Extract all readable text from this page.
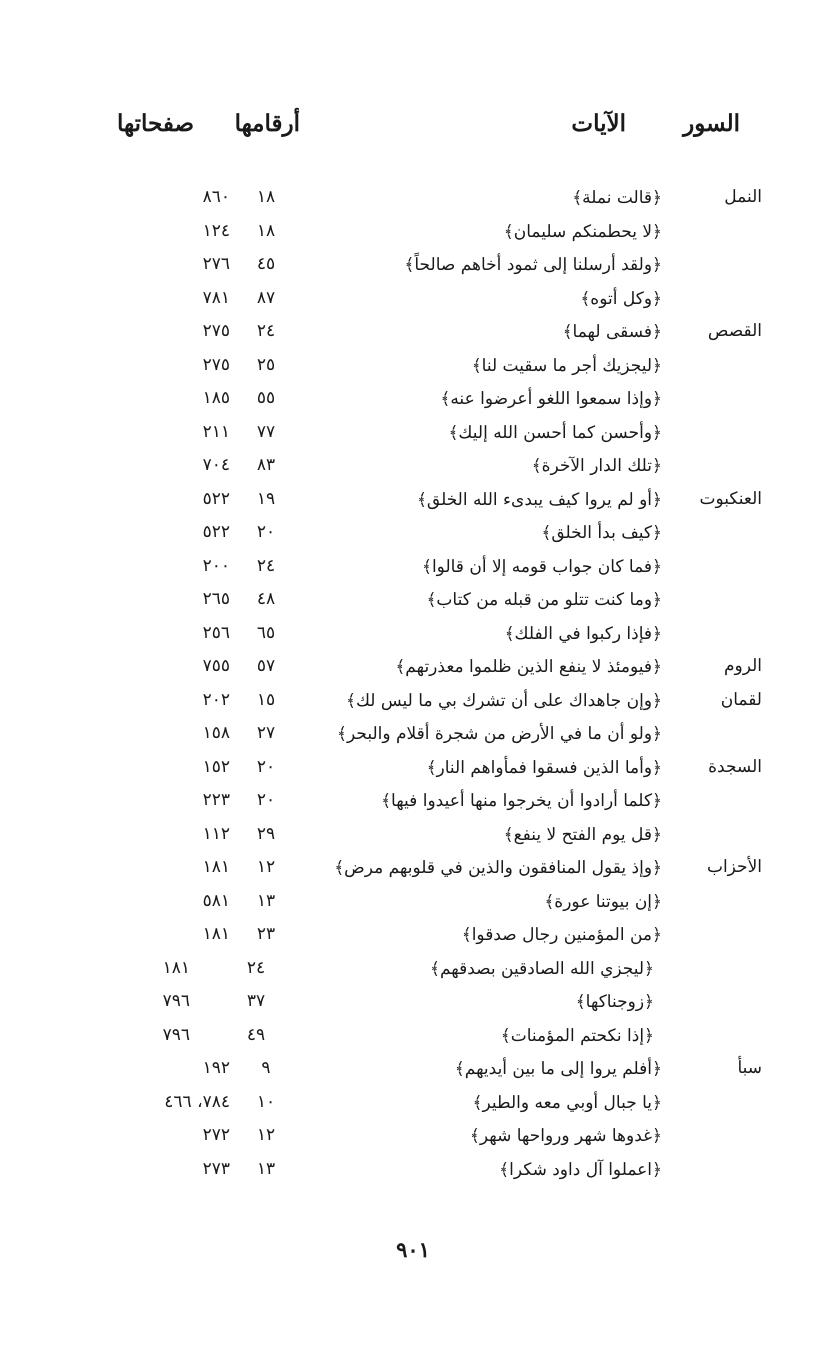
السور
الآيات
أرقامها
صفحاتها
النمل
﴿قالت نملة﴾
١٨
٨٦٠
﴿لا يحطمنكم سليمان﴾
١٨
١٢٤
﴿ولقد أرسلنا إلى ثمود أخاهم صالحاً﴾
٤٥
٢٧٦
﴿وكل أتوه﴾
٨٧
٧٨١
القصص
﴿فسقى لهما﴾
٢٤
٢٧٥
﴿ليجزيك أجر ما سقيت لنا﴾
٢٥
٢٧٥
﴿وإذا سمعوا اللغو أعرضوا عنه﴾
٥٥
١٨٥
﴿وأحسن كما أحسن الله إليك﴾
٧٧
٢١١
﴿تلك الدار الآخرة﴾
٨٣
٧٠٤
العنكبوت
﴿أو لم يروا كيف يبدىء الله الخلق﴾
١٩
٥٢٢
﴿كيف بدأ الخلق﴾
٢٠
٥٢٢
﴿فما كان جواب قومه إلا أن قالوا﴾
٢٤
٢٠٠
﴿وما كنت تتلو من قبله من كتاب﴾
٤٨
٢٦٥
﴿فإذا ركبوا في الفلك﴾
٦٥
٢٥٦
الروم
﴿فيومئذ لا ينفع الذين ظلموا معذرتهم﴾
٥٧
٧٥٥
لقمان
﴿وإن جاهداك على أن تشرك بي ما ليس لك﴾
١٥
٢٠٢
﴿ولو أن ما في الأرض من شجرة أقلام والبحر﴾
٢٧
١٥٨
السجدة
﴿وأما الذين فسقوا فمأواهم النار﴾
٢٠
١٥٢
﴿كلما أرادوا أن يخرجوا منها أعيدوا فيها﴾
٢٠
٢٢٣
﴿قل يوم الفتح لا ينفع﴾
٢٩
١١٢
الأحزاب
﴿وإذ يقول المنافقون والذين في قلوبهم مرض﴾
١٢
١٨١
﴿إن بيوتنا عورة﴾
١٣
٥٨١
﴿من المؤمنين رجال صدقوا﴾
٢٣
١٨١
﴿ليجزي الله الصادقين بصدقهم﴾
٢٤
١٨١
﴿زوجناكها﴾
٣٧
٧٩٦
﴿إذا نكحتم المؤمنات﴾
٤٩
٧٩٦
سبأ
﴿أفلم يروا إلى ما بين أيديهم﴾
٩
١٩٢
﴿يا جبال أوبي معه والطير﴾
١٠
٧٨٤، ٤٦٦
﴿غدوها شهر ورواحها شهر﴾
١٢
٢٧٢
﴿اعملوا آل داود شكرا﴾
١٣
٢٧٣
٩٠١
